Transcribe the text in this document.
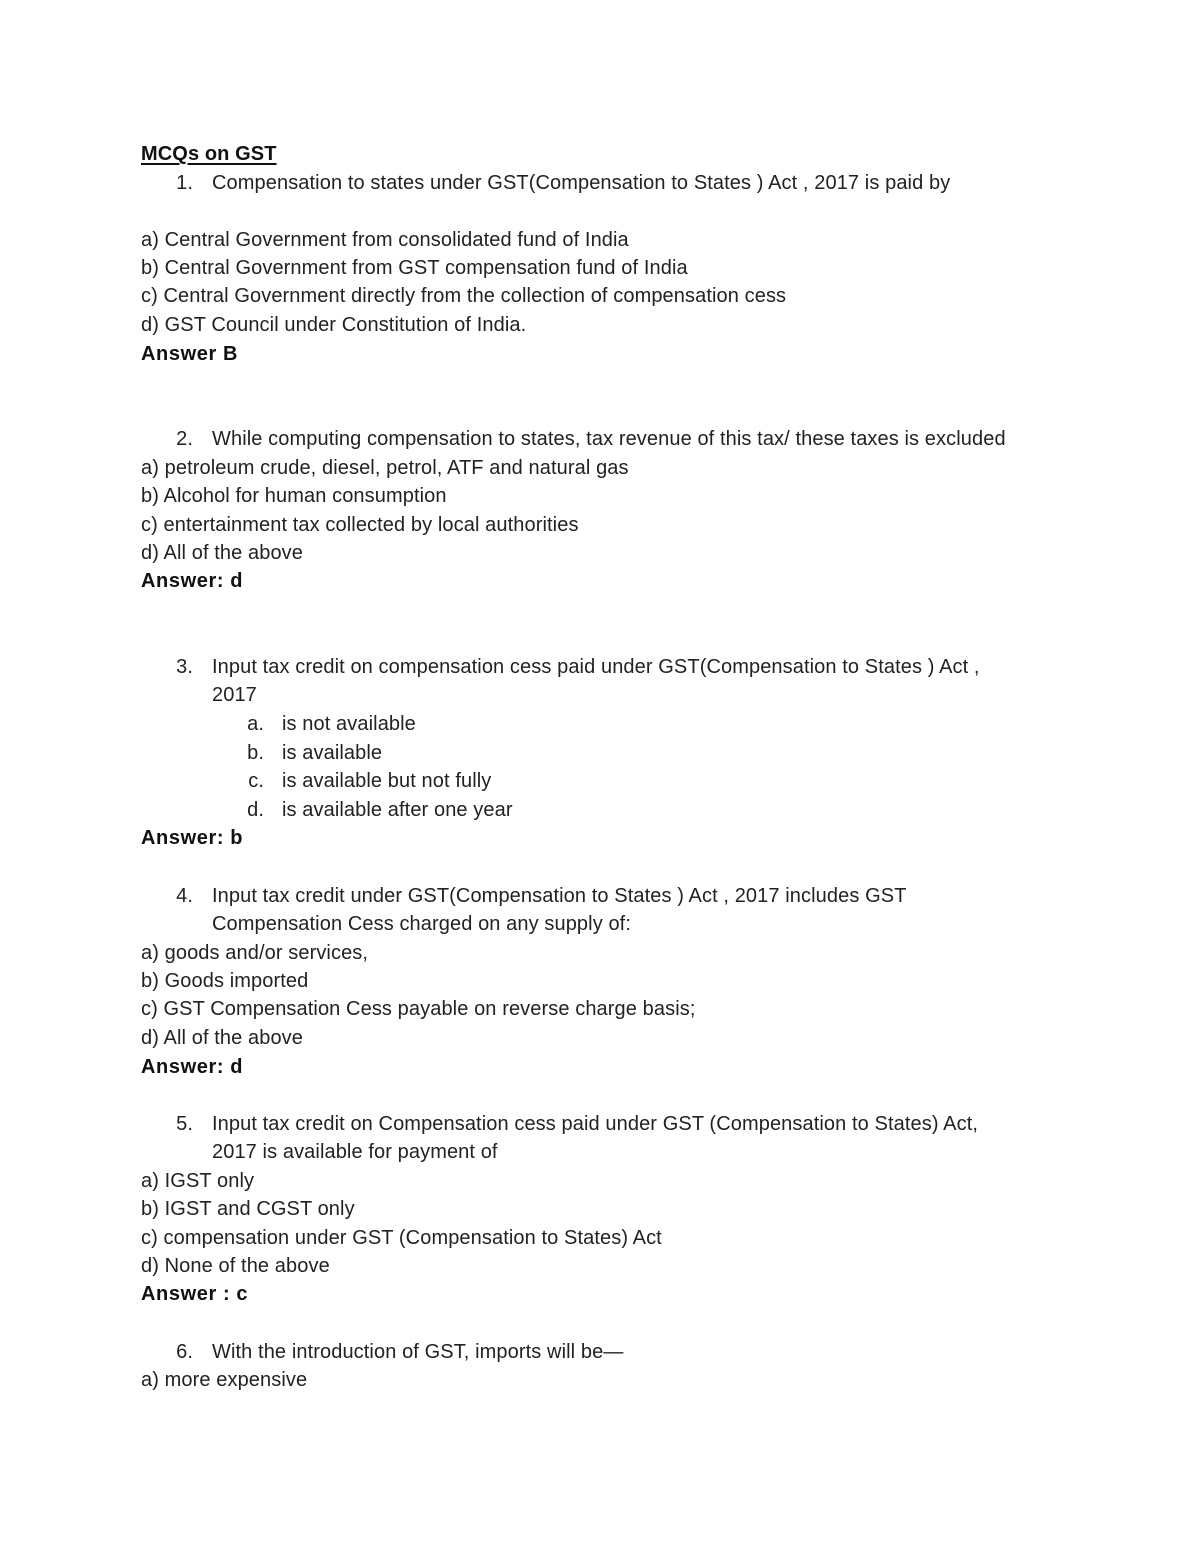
MCQs on GST
1. Compensation to states under GST(Compensation to States ) Act , 2017 is paid by
a) Central Government from consolidated fund of India
b) Central Government from GST compensation fund of India
c) Central Government directly from the collection of compensation cess
d) GST Council under Constitution of India.
Answer B
2. While computing compensation to states, tax revenue of this tax/ these taxes is excluded
a) petroleum crude, diesel, petrol, ATF and natural gas
b) Alcohol for human consumption
c) entertainment tax collected by local authorities
d) All of the above
Answer: d
3. Input tax credit on compensation cess paid under GST(Compensation to States ) Act ,
2017
a. is not available
b. is available
c. is available but not fully
d. is available after one year
Answer: b
4. Input tax credit under GST(Compensation to States ) Act , 2017 includes GST
Compensation Cess charged on any supply of:
a) goods and/or services,
b) Goods imported
c) GST Compensation Cess payable on reverse charge basis;
d) All of the above
Answer: d
5. Input tax credit on Compensation cess paid under GST (Compensation to States) Act,
2017 is available for payment of
a) IGST only
b) IGST and CGST only
c) compensation under GST (Compensation to States) Act
d) None of the above
Answer : c
6. With the introduction of GST, imports will be—
a) more expensive
